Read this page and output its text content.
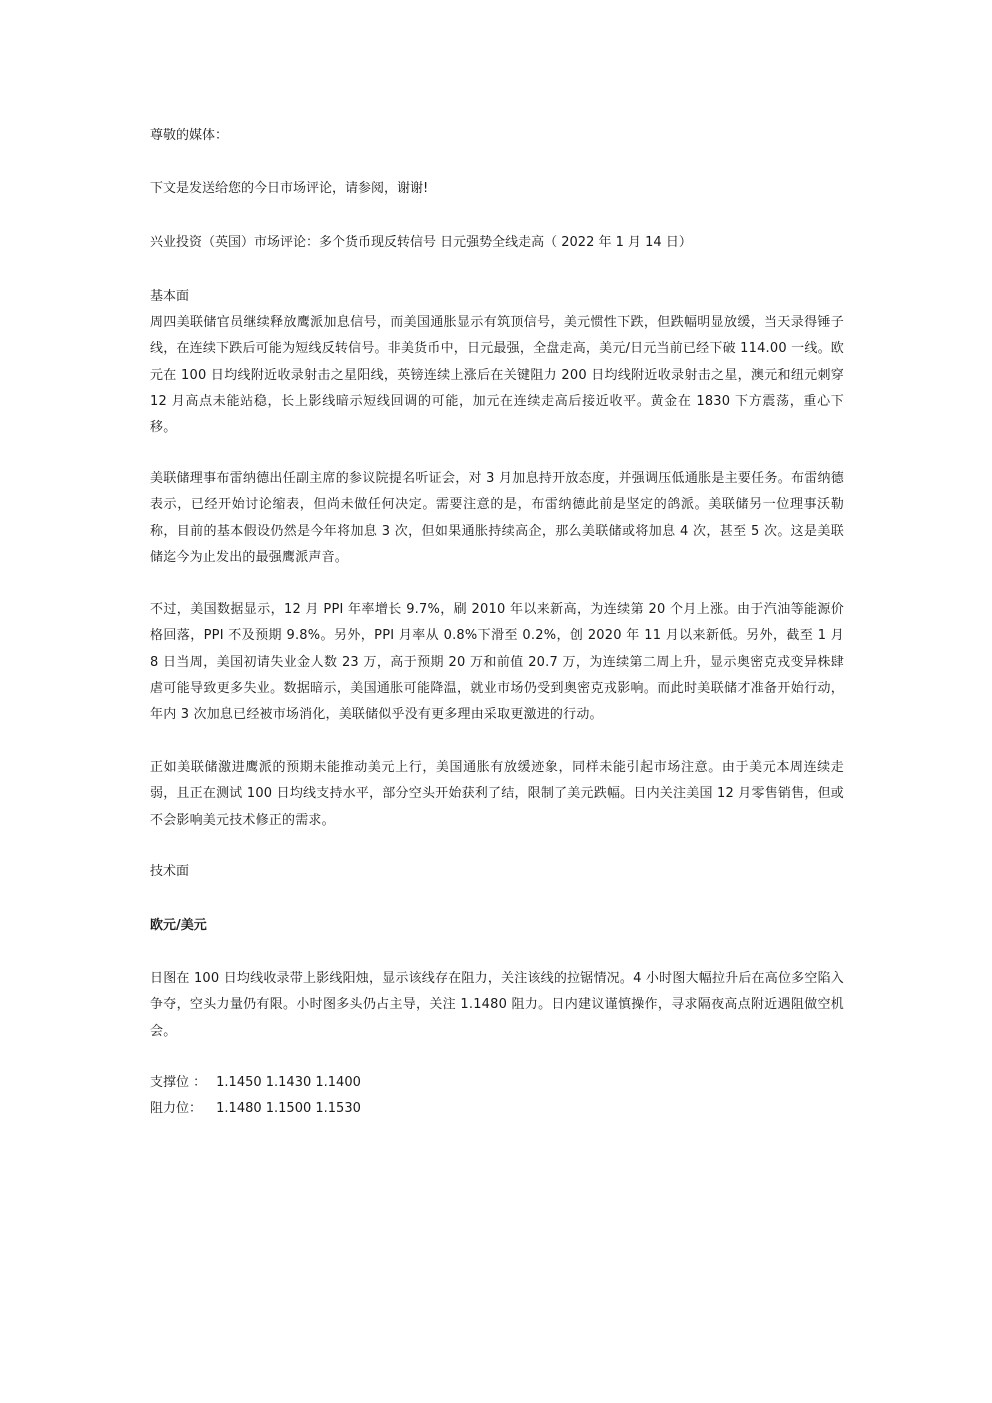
尊敬的媒体：
下文是发送给您的今日市场评论，请参阅，谢谢!
兴业投资（英国）市场评论：多个货币现反转信号 日元强势全线走高（ 2022 年 1 月 14 日）
基本面
周四美联储官员继续释放鹰派加息信号，而美国通胀显示有筑顶信号，美元惯性下跌，但跌幅明显放缓，当天录得锤子线，在连续下跌后可能为短线反转信号。非美货币中，日元最强，全盘走高，美元/日元当前已经下破 114.00 一线。欧元在 100 日均线附近收录射击之星阳线，英镑连续上涨后在关键阻力 200 日均线附近收录射击之星，澳元和纽元刺穿 12 月高点未能站稳，长上影线暗示短线回调的可能，加元在连续走高后接近收平。黄金在 1830 下方震荡，重心下移。
美联储理事布雷纳德出任副主席的参议院提名听证会，对 3 月加息持开放态度，并强调压低通胀是主要任务。布雷纳德表示，已经开始讨论缩表，但尚未做任何决定。需要注意的是，布雷纳德此前是坚定的鸽派。美联储另一位理事沃勒称，目前的基本假设仍然是今年将加息 3 次，但如果通胀持续高企，那么美联储或将加息 4 次，甚至 5 次。这是美联储迄今为止发出的最强鹰派声音。
不过，美国数据显示，12 月 PPI 年率增长 9.7%，刷 2010 年以来新高，为连续第 20 个月上涨。由于汽油等能源价格回落，PPI 不及预期 9.8%。另外，PPI 月率从 0.8%下滑至 0.2%，创 2020 年 11 月以来新低。另外，截至 1 月 8 日当周，美国初请失业金人数 23 万，高于预期 20 万和前值 20.7 万，为连续第二周上升，显示奥密克戎变异株肆虐可能导致更多失业。数据暗示，美国通胀可能降温，就业市场仍受到奥密克戎影响。而此时美联储才准备开始行动，年内 3 次加息已经被市场消化，美联储似乎没有更多理由采取更激进的行动。
正如美联储激进鹰派的预期未能推动美元上行，美国通胀有放缓迹象，同样未能引起市场注意。由于美元本周连续走弱，且正在测试 100 日均线支持水平，部分空头开始获利了结，限制了美元跌幅。日内关注美国 12 月零售销售，但或不会影响美元技术修正的需求。
技术面
欧元/美元
日图在 100 日均线收录带上影线阳烛，显示该线存在阻力，关注该线的拉锯情况。4 小时图大幅拉升后在高位多空陷入争夺，空头力量仍有限。小时图多头仍占主导，关注 1.1480 阻力。日内建议谨慎操作，寻求隔夜高点附近遇阻做空机会。
支撑位 ： 1.1450 1.1430 1.1400
阻力位： 1.1480 1.1500 1.1530
